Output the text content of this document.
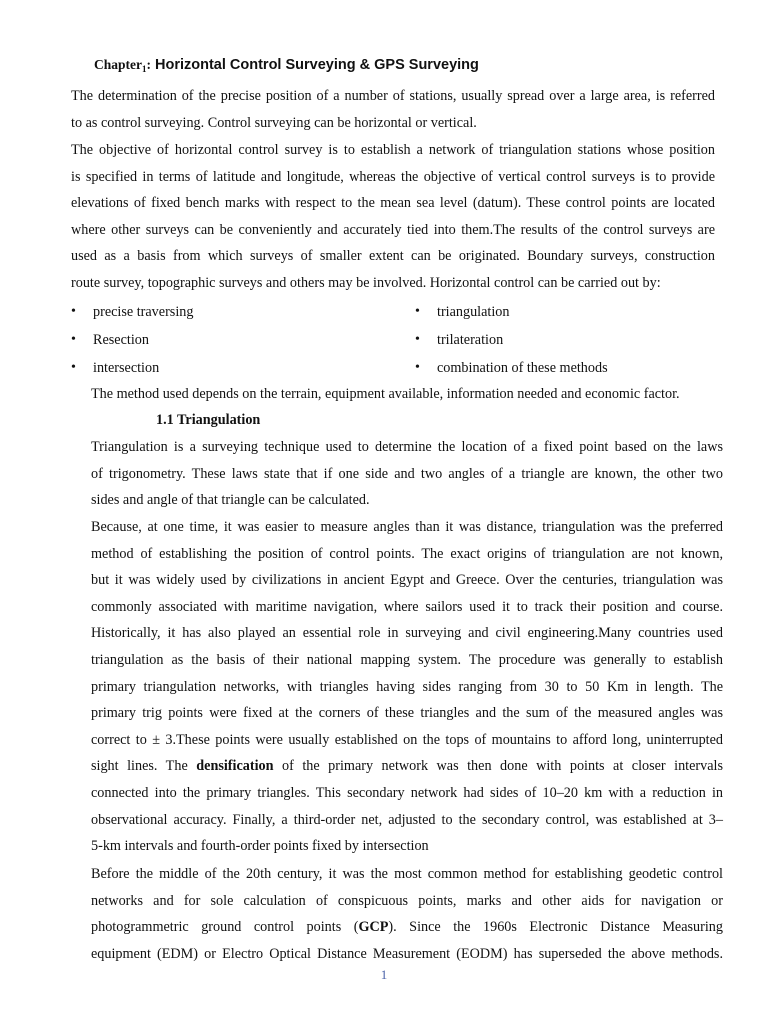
Chapter$_1$: Horizontal Control Surveying & GPS Surveying
The determination of the precise position of a number of stations, usually spread over a large area, is referred
to as control surveying. Control surveying can be horizontal or vertical.
The objective of horizontal control survey is to establish a network of triangulation stations whose position
is specified in terms of latitude and longitude, whereas the objective of vertical control surveys is to provide
elevations of fixed bench marks with respect to the mean sea level (datum). These control points are located
where other surveys can be conveniently and accurately tied into them.The results of the control surveys are
used as a basis from which surveys of smaller extent can be originated. Boundary surveys, construction
route survey, topographic surveys and others may be involved. Horizontal control can be carried out by:
• precise traversing
• Resection
• intersection
• triangulation
• trilateration
• combination of these methods
The method used depends on the terrain, equipment available, information needed and economic factor.
1.1 Triangulation
Triangulation is a surveying technique used to determine the location of a fixed point based on the laws
of trigonometry. These laws state that if one side and two angles of a triangle are known, the other two
sides and angle of that triangle can be calculated.
Because, at one time, it was easier to measure angles than it was distance, triangulation was the preferred
method of establishing the position of control points. The exact origins of triangulation are not known,
but it was widely used by civilizations in ancient Egypt and Greece. Over the centuries, triangulation was
commonly associated with maritime navigation, where sailors used it to track their position and course.
Historically, it has also played an essential role in surveying and civil engineering.Many countries used
triangulation as the basis of their national mapping system. The procedure was generally to establish
primary triangulation networks, with triangles having sides ranging from 30 to 50 Km in length. The
primary trig points were fixed at the corners of these triangles and the sum of the measured angles was
correct to ± 3.These points were usually established on the tops of mountains to afford long, uninterrupted
sight lines. The densification of the primary network was then done with points at closer intervals
connected into the primary triangles. This secondary network had sides of 10–20 km with a reduction in
observational accuracy. Finally, a third-order net, adjusted to the secondary control, was established at 3–
5-km intervals and fourth-order points fixed by intersection
Before the middle of the 20th century, it was the most common method for establishing geodetic control
networks and for sole calculation of conspicuous points, marks and other aids for navigation or
photogrammetric ground control points (GCP). Since the 1960s Electronic Distance Measuring
equipment (EDM) or Electro Optical Distance Measurement (EODM) has superseded the above methods.
1
